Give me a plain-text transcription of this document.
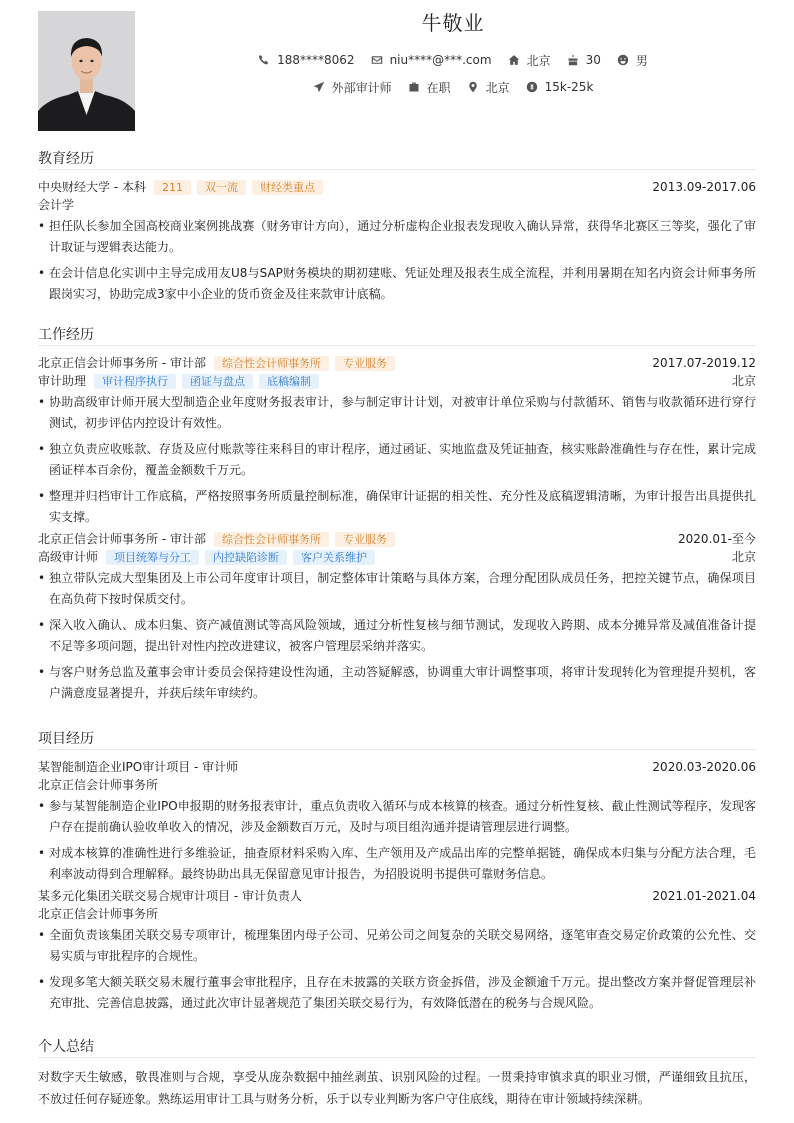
牛敬业
188****8062	niu****@***.com	北京	30	男
外部审计师	在职	北京	15k-25k
教育经历
中央财经大学 - 本科	211	双一流	财经类重点	2013.09-2017.06
会计学
• 担任队长参加全国高校商业案例挑战赛（财务审计方向），通过分析虚构企业报表发现收入确认异常，获得华北赛区三等奖，强化了审计取证与逻辑表达能力。
• 在会计信息化实训中主导完成用友U8与SAP财务模块的期初建账、凭证处理及报表生成全流程，并利用暑期在知名内资会计师事务所跟岗实习，协助完成3家中小企业的货币资金及往来款审计底稿。
工作经历
北京正信会计师事务所 - 审计部	综合性会计师事务所	专业服务	2017.07-2019.12
审计助理	审计程序执行	函证与盘点	底稿编制	北京
• 协助高级审计师开展大型制造企业年度财务报表审计，参与制定审计计划，对被审计单位采购与付款循环、销售与收款循环进行穿行测试，初步评估内控设计有效性。
• 独立负责应收账款、存货及应付账款等往来科目的审计程序，通过函证、实地监盘及凭证抽查，核实账龄准确性与存在性，累计完成函证样本百余份，覆盖金额数千万元。
• 整理并归档审计工作底稿，严格按照事务所质量控制标准，确保审计证据的相关性、充分性及底稿逻辑清晰，为审计报告出具提供扎实支撑。
北京正信会计师事务所 - 审计部	综合性会计师事务所	专业服务	2020.01-至今
高级审计师	项目统筹与分工	内控缺陷诊断	客户关系维护	北京
• 独立带队完成大型集团及上市公司年度审计项目，制定整体审计策略与具体方案，合理分配团队成员任务，把控关键节点，确保项目在高负荷下按时保质交付。
• 深入收入确认、成本归集、资产减值测试等高风险领域，通过分析性复核与细节测试，发现收入跨期、成本分摊异常及减值准备计提不足等多项问题，提出针对性内控改进建议，被客户管理层采纳并落实。
• 与客户财务总监及董事会审计委员会保持建设性沟通，主动答疑解惑，协调重大审计调整事项，将审计发现转化为管理提升契机，客户满意度显著提升，并获后续年审续约。
项目经历
某智能制造企业IPO审计项目 - 审计师	2020.03-2020.06
北京正信会计师事务所
• 参与某智能制造企业IPO申报期的财务报表审计，重点负责收入循环与成本核算的核查。通过分析性复核、截止性测试等程序，发现客户存在提前确认验收单收入的情况，涉及金额数百万元，及时与项目组沟通并提请管理层进行调整。
• 对成本核算的准确性进行多维验证，抽查原材料采购入库、生产领用及产成品出库的完整单据链，确保成本归集与分配方法合理，毛利率波动得到合理解释。最终协助出具无保留意见审计报告，为招股说明书提供可靠财务信息。
某多元化集团关联交易合规审计项目 - 审计负责人	2021.01-2021.04
北京正信会计师事务所
• 全面负责该集团关联交易专项审计，梳理集团内母子公司、兄弟公司之间复杂的关联交易网络，逐笔审查交易定价政策的公允性、交易实质与审批程序的合规性。
• 发现多笔大额关联交易未履行董事会审批程序，且存在未披露的关联方资金拆借，涉及金额逾千万元。提出整改方案并督促管理层补充审批、完善信息披露，通过此次审计显著规范了集团关联交易行为，有效降低潜在的税务与合规风险。
个人总结

对数字天生敏感，敬畏准则与合规，享受从庞杂数据中抽丝剥茧、识别风险的过程。一贯秉持审慎求真的职业习惯，严谨细致且抗压，不放过任何存疑迹象。熟练运用审计工具与财务分析，乐于以专业判断为客户守住底线，期待在审计领域持续深耕。
